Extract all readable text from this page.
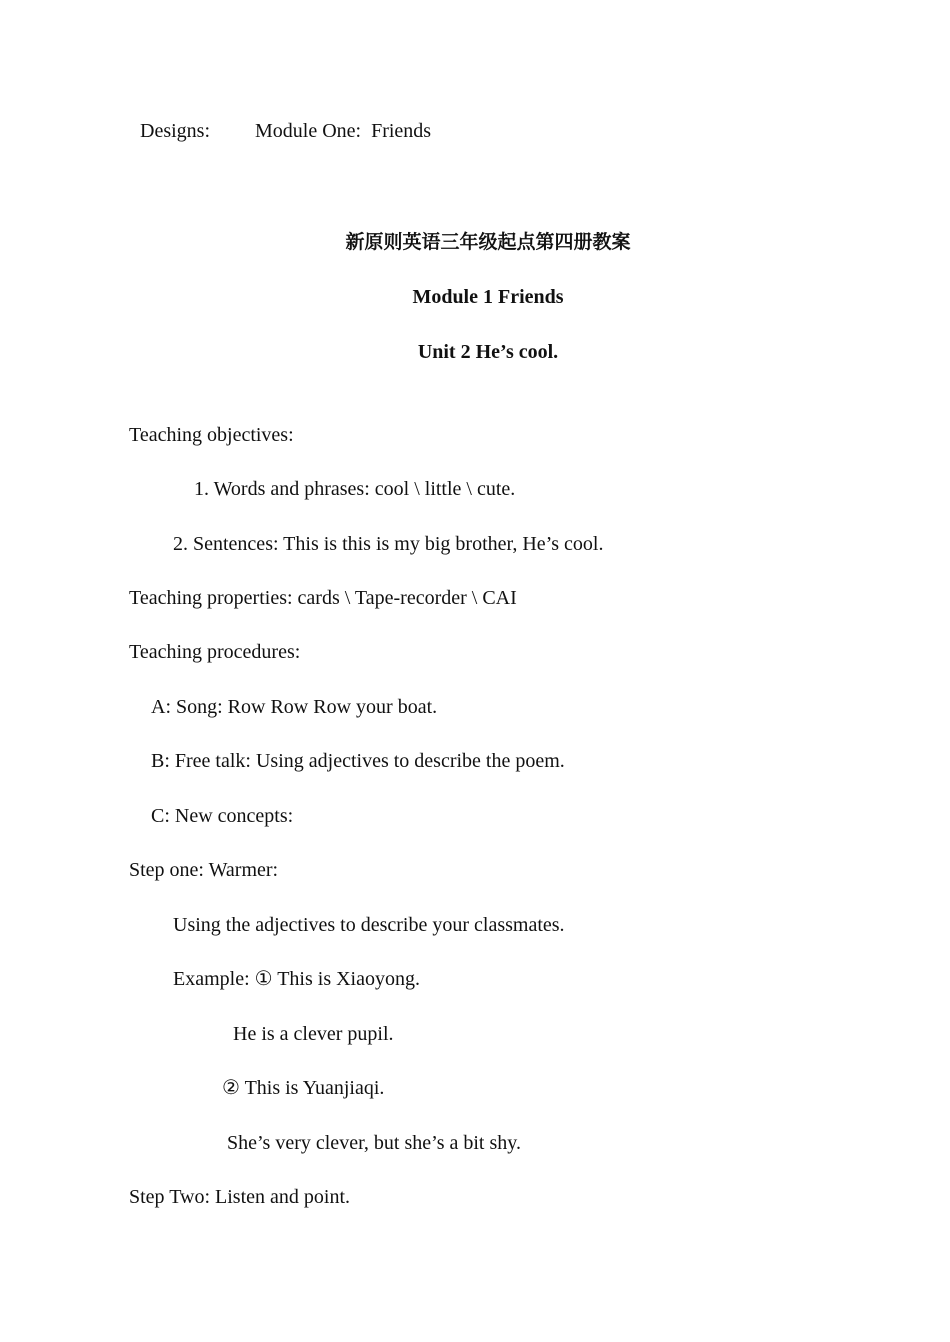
Designs: Module One:  Friends
新原则英语三年级起点第四册教案
Module 1 Friends
Unit 2 He’s cool.
Teaching objectives:
1. Words and phrases: cool \ little \ cute.
2. Sentences: This is this is my big brother, He’s cool.
Teaching properties: cards \ Tape-recorder \ CAI
Teaching procedures:
A: Song: Row Row Row your boat.
B: Free talk: Using adjectives to describe the poem.
C: New concepts:
Step one: Warmer:
Using the adjectives to describe your classmates.
Example: ① This is Xiaoyong.
He is a clever pupil.
② This is Yuanjiaqi.
She’s very clever, but she’s a bit shy.
Step Two: Listen and point.
